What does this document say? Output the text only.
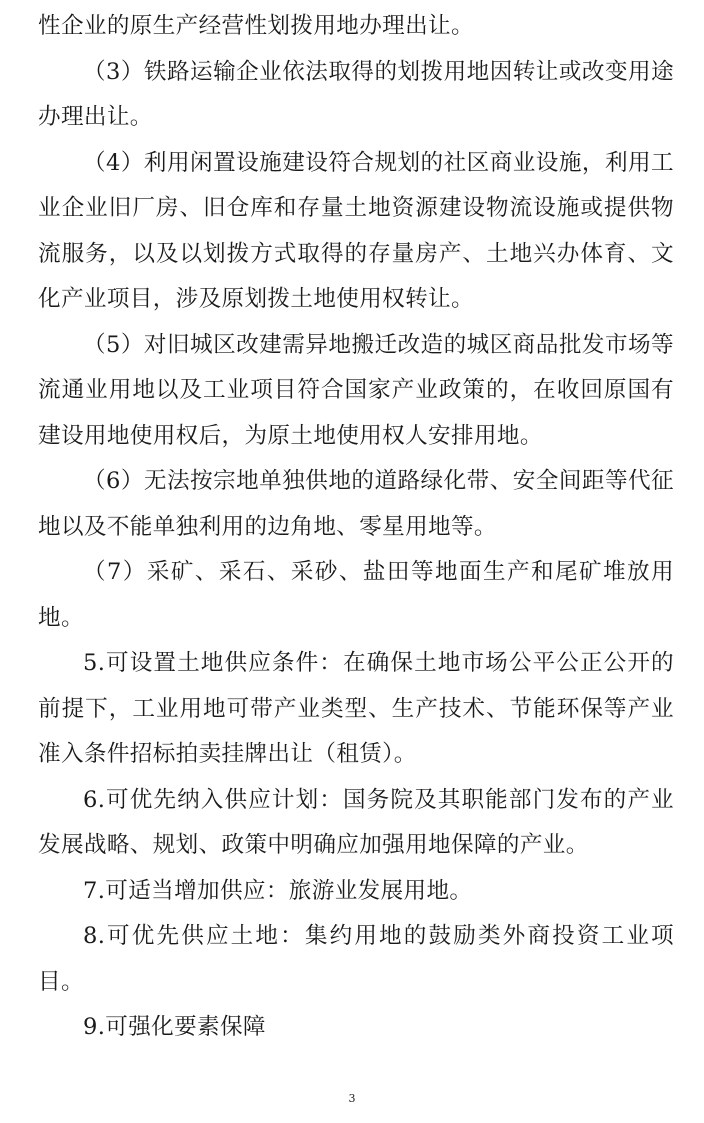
性企业的原生产经营性划拨用地办理出让。

（3）铁路运输企业依法取得的划拨用地因转让或改变用途办理出让。

（4）利用闲置设施建设符合规划的社区商业设施，利用工业企业旧厂房、旧仓库和存量土地资源建设物流设施或提供物流服务，以及以划拨方式取得的存量房产、土地兴办体育、文化产业项目，涉及原划拨土地使用权转让。

（5）对旧城区改建需异地搬迁改造的城区商品批发市场等流通业用地以及工业项目符合国家产业政策的，在收回原国有建设用地使用权后，为原土地使用权人安排用地。

（6）无法按宗地单独供地的道路绿化带、安全间距等代征地以及不能单独利用的边角地、零星用地等。

（7）采矿、采石、采砂、盐田等地面生产和尾矿堆放用地。

5.可设置土地供应条件：在确保土地市场公平公正公开的前提下，工业用地可带产业类型、生产技术、节能环保等产业准入条件招标拍卖挂牌出让（租赁）。

6.可优先纳入供应计划：国务院及其职能部门发布的产业发展战略、规划、政策中明确应加强用地保障的产业。

7.可适当增加供应：旅游业发展用地。

8.可优先供应土地：集约用地的鼓励类外商投资工业项目。

9.可强化要素保障

3
